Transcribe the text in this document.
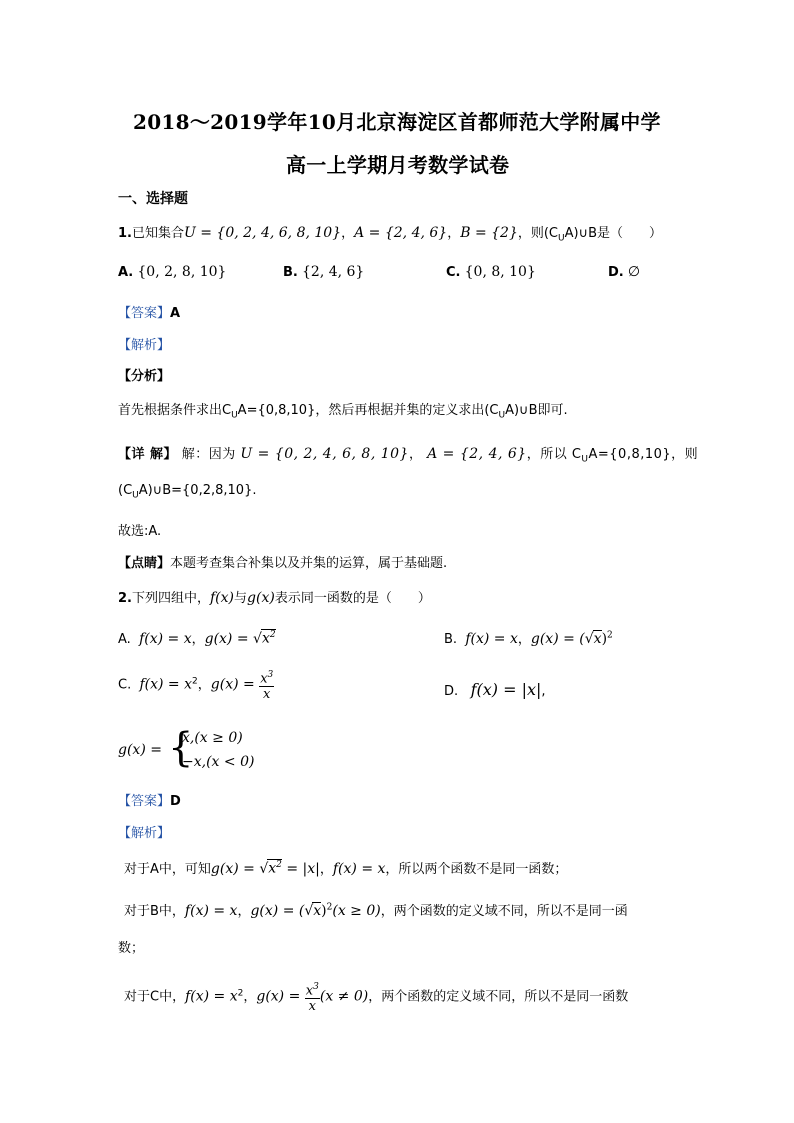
2018～2019学年10月北京海淀区首都师范大学附属中学
高一上学期月考数学试卷
一、选择题
1.已知集合U = {0, 2, 4, 6, 8, 10}，A = {2, 4, 6}，B = {2}，则$(C_UA)\cup B$是（　　）
A. {0, 2, 8, 10}	B. {2, 4, 6}	C. {0, 8, 10}	D. ∅
【答案】A
【解析】
【分析】
首先根据条件求出$C_UA=\{0,8,10\}$，然后再根据并集的定义求出$(C_UA)\cup B$即可.
【详 解】 解：因为 U = {0, 2, 4, 6, 8, 10}， A = {2, 4, 6}，所以 $C_UA=\{0,8,10\}$，则
$(C_UA)\cup B=\{0,2,8,10\}$.
故选:A.
【点睛】本题考查集合补集以及并集的运算，属于基础题.
2.下列四组中，f(x)与g(x)表示同一函数的是（　　）
A. f(x) = x，$g(x) = √x^2$	B. f(x) = x，$g(x) = (√x)^2$
C. $f(x) = x^2$，$g(x) = \frac{x^3}{x}$	D. f(x) = |x|,
g(x) = {
x,(x ≥ 0)
−x,(x < 0)
【答案】D
【解析】
对于A中，可知$g(x) = √x^2 = |x|$，f(x) = x，所以两个函数不是同一函数；
对于B中，f(x) = x，$g(x) = (√x)^2(x \ge 0)$，两个函数的定义域不同，所以不是同一函
数；
对于C中，$f(x) = x^2$，$g(x) = \frac{x^3}{x} (x \ne 0)$，两个函数的定义域不同，所以不是同一函数
